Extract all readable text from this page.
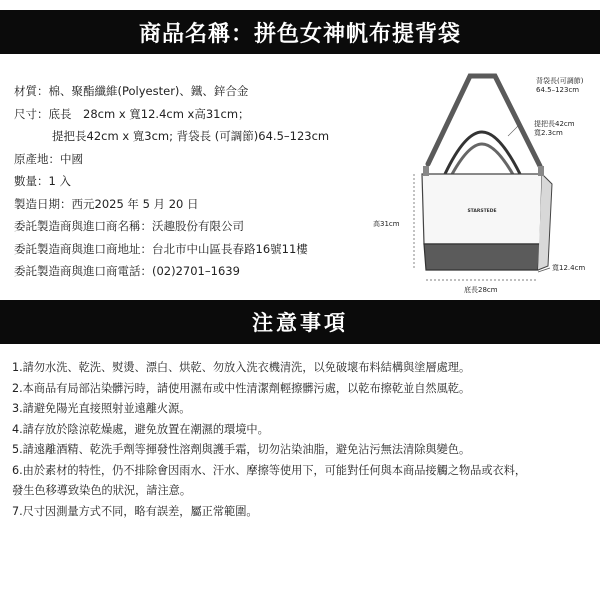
商品名稱：拼色女神帆布提背袋
材質：棉、聚酯纖維(Polyester)、鐵、鋅合金
尺寸：底長　28cm x 寬12.4cm x高31cm；
提把長42cm x 寬3cm; 背袋長 (可調節)64.5–123cm
原產地：中國
數量：1 入
製造日期：西元2025 年 5 月 20 日
委託製造商與進口商名稱：沃趣股份有限公司
委託製造商與進口商地址：台北市中山區長春路16號11樓
委託製造商與進口商電話：(02)2701–1639
STARSTEDE
背袋長(可調節)
64.5–123cm
提把長42cm
寬2.3cm
高31cm
寬12.4cm
底長28cm
注意事項
1.請勿水洗、乾洗、熨燙、漂白、烘乾、勿放入洗衣機清洗，以免破壞布料結構與塗層處理。
2.本商品有局部沾染髒污時，請使用濕布或中性清潔劑輕擦髒污處，以乾布擦乾並自然風乾。
3.請避免陽光直接照射並遠離火源。
4.請存放於陰涼乾燥處，避免放置在潮濕的環境中。
5.請遠離酒精、乾洗手劑等揮發性溶劑與護手霜，切勿沾染油脂，避免沾污無法清除與變色。
6.由於素材的特性，仍不排除會因雨水、汗水、摩擦等使用下，可能對任何與本商品接觸之物品或衣料，
發生色移導致染色的狀況，請注意。
7.尺寸因測量方式不同，略有誤差，屬正常範圍。
